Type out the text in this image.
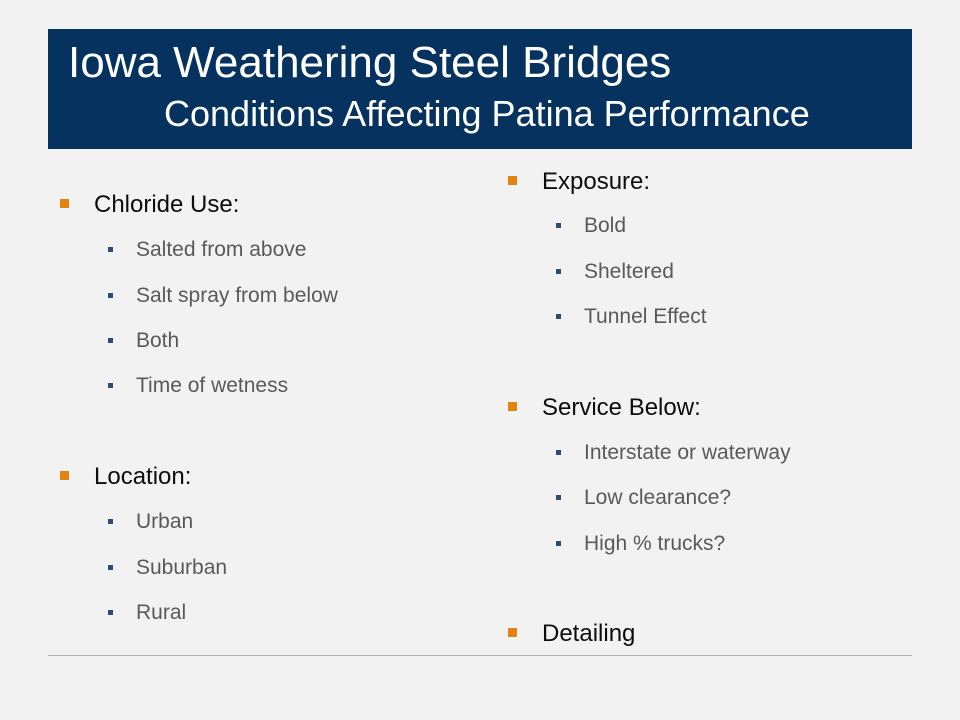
Iowa Weathering Steel Bridges
Conditions Affecting Patina Performance
Chloride Use:
Salted from above
Salt spray from below
Both
Time of wetness
Location:
Urban
Suburban
Rural
Exposure:
Bold
Sheltered
Tunnel Effect
Service Below:
Interstate or waterway
Low clearance?
High % trucks?
Detailing
